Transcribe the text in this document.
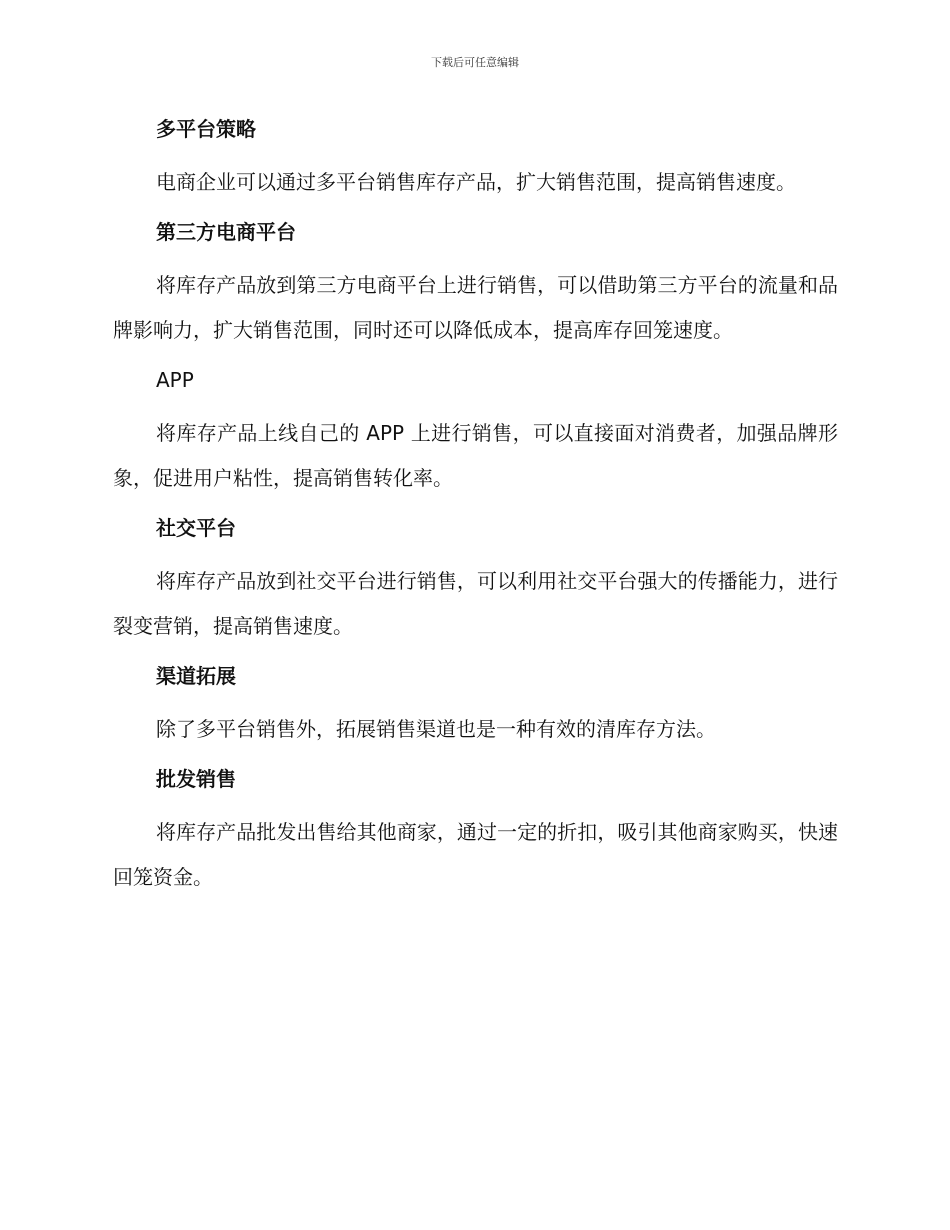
下载后可任意编辑
多平台策略

电商企业可以通过多平台销售库存产品，扩大销售范围，提高销售速度。

第三方电商平台

将库存产品放到第三方电商平台上进行销售，可以借助第三方平台的流量和品牌影响力，扩大销售范围，同时还可以降低成本，提高库存回笼速度。

APP

将库存产品上线自己的 APP 上进行销售，可以直接面对消费者，加强品牌形象，促进用户粘性，提高销售转化率。

社交平台

将库存产品放到社交平台进行销售，可以利用社交平台强大的传播能力，进行裂变营销，提高销售速度。

渠道拓展

除了多平台销售外，拓展销售渠道也是一种有效的清库存方法。

批发销售

将库存产品批发出售给其他商家，通过一定的折扣，吸引其他商家购买，快速回笼资金。
